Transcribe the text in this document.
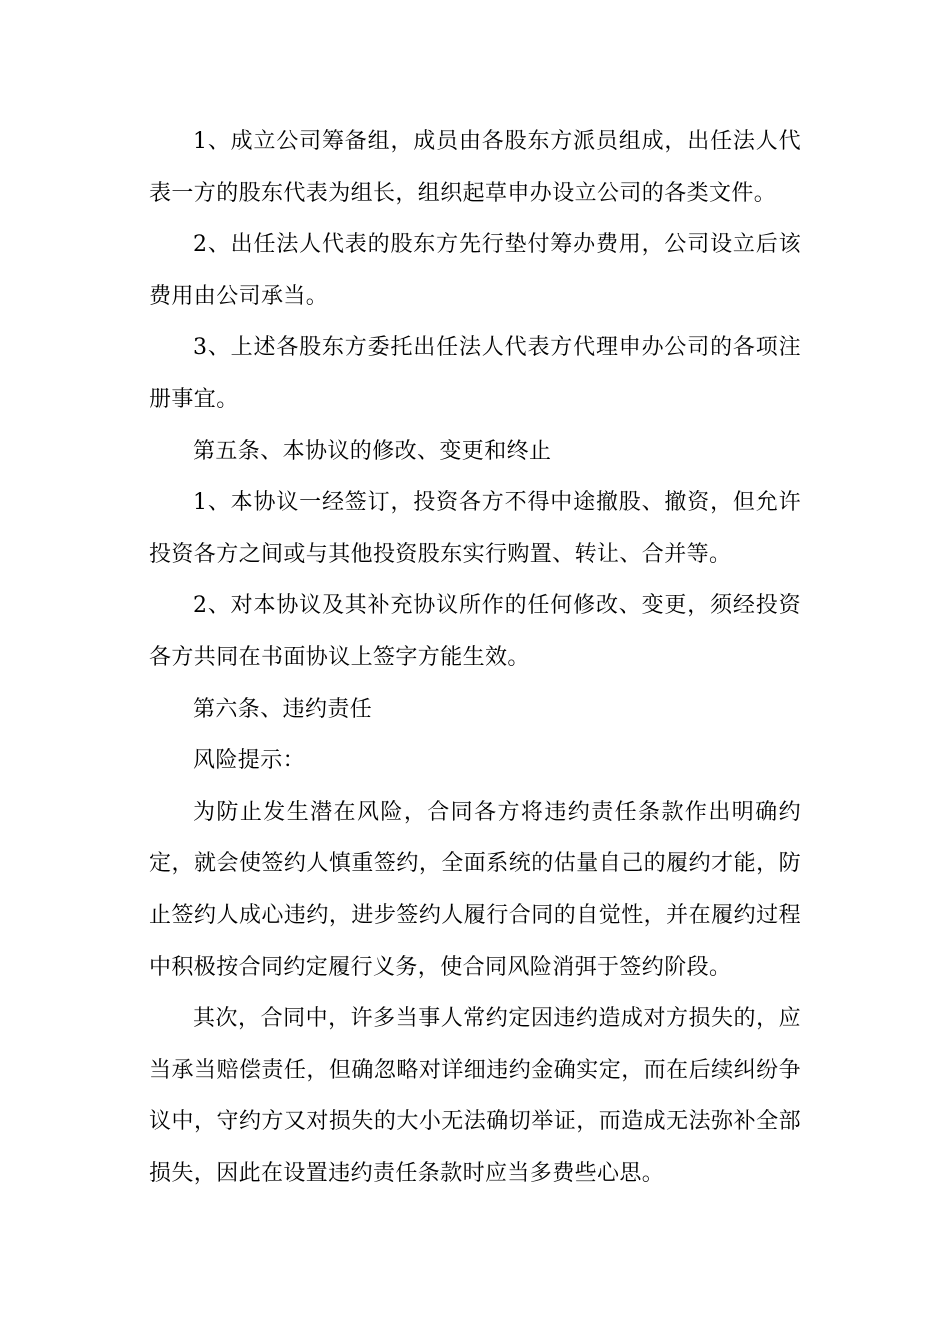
1、成立公司筹备组，成员由各股东方派员组成，出任法人代表一方的股东代表为组长，组织起草申办设立公司的各类文件。

2、出任法人代表的股东方先行垫付筹办费用，公司设立后该费用由公司承当。

3、上述各股东方委托出任法人代表方代理申办公司的各项注册事宜。

第五条、本协议的修改、变更和终止

1、本协议一经签订，投资各方不得中途撤股、撤资，但允许投资各方之间或与其他投资股东实行购置、转让、合并等。

2、对本协议及其补充协议所作的任何修改、变更，须经投资各方共同在书面协议上签字方能生效。

第六条、违约责任

风险提示：

为防止发生潜在风险，合同各方将违约责任条款作出明确约定，就会使签约人慎重签约，全面系统的估量自己的履约才能，防止签约人成心违约，进步签约人履行合同的自觉性，并在履约过程中积极按合同约定履行义务，使合同风险消弭于签约阶段。

其次，合同中，许多当事人常约定因违约造成对方损失的，应当承当赔偿责任，但确忽略对详细违约金确实定，而在后续纠纷争议中，守约方又对损失的大小无法确切举证，而造成无法弥补全部损失，因此在设置违约责任条款时应当多费些心思。
